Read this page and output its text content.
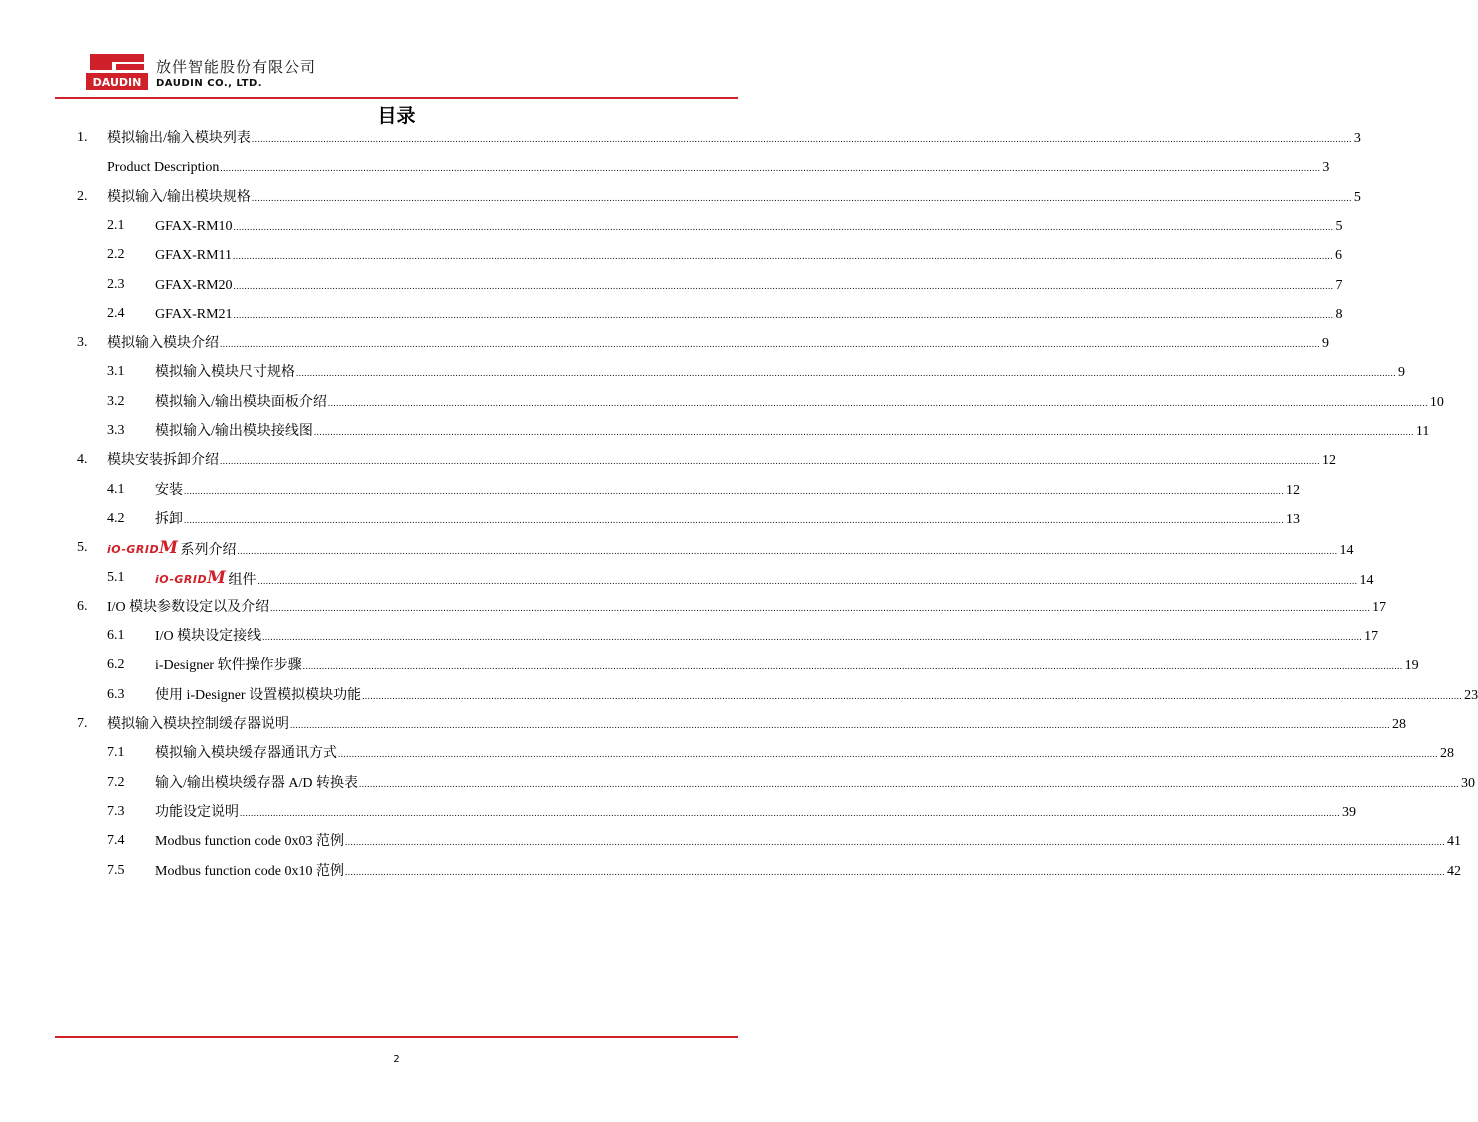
DAUDIN
放伴智能股份有限公司
DAUDIN CO., LTD.
目录
1. 模拟输出/输入模块列表 ................................................................................................................................................................................................................................................................................................................................................................................................................ 3
Product Description ................................................................................................................................................................................................................................................................................................................................................................................................................ 3
2. 模拟输入/输出模块规格 ................................................................................................................................................................................................................................................................................................................................................................................................................ 5
2.1 GFAX-RM10 ................................................................................................................................................................................................................................................................................................................................................................................................................ 5
2.2 GFAX-RM11 ................................................................................................................................................................................................................................................................................................................................................................................................................ 6
2.3 GFAX-RM20 ................................................................................................................................................................................................................................................................................................................................................................................................................ 7
2.4 GFAX-RM21 ................................................................................................................................................................................................................................................................................................................................................................................................................ 8
3. 模拟输入模块介绍 ................................................................................................................................................................................................................................................................................................................................................................................................................ 9
3.1 模拟输入模块尺寸规格 ................................................................................................................................................................................................................................................................................................................................................................................................................ 9
3.2 模拟输入/输出模块面板介绍 ................................................................................................................................................................................................................................................................................................................................................................................................................ 10
3.3 模拟输入/输出模块接线图 ................................................................................................................................................................................................................................................................................................................................................................................................................ 11
4. 模块安装拆卸介绍 ................................................................................................................................................................................................................................................................................................................................................................................................................ 12
4.1 安装 ................................................................................................................................................................................................................................................................................................................................................................................................................ 12
4.2 拆卸 ................................................................................................................................................................................................................................................................................................................................................................................................................ 13
5. iO-GRIDM 系列介绍 ................................................................................................................................................................................................................................................................................................................................................................................................................ 14
5.1	iO-GRIDM 组件 ................................................................................................................................................................................................................................................................................................................................................................................................................ 14
6. I/O 模块参数设定以及介绍 ................................................................................................................................................................................................................................................................................................................................................................................................................ 17
6.1 I/O 模块设定接线 ................................................................................................................................................................................................................................................................................................................................................................................................................ 17
6.2 i-Designer 软件操作步骤 ................................................................................................................................................................................................................................................................................................................................................................................................................ 19
6.3 使用 i-Designer 设置模拟模块功能 ................................................................................................................................................................................................................................................................................................................................................................................................................ 23
7. 模拟输入模块控制缓存器说明 ................................................................................................................................................................................................................................................................................................................................................................................................................ 28
7.1 模拟输入模块缓存器通讯方式 ................................................................................................................................................................................................................................................................................................................................................................................................................ 28
7.2 输入/输出模块缓存器 A/D 转换表 ................................................................................................................................................................................................................................................................................................................................................................................................................ 30
7.3 功能设定说明 ................................................................................................................................................................................................................................................................................................................................................................................................................ 39
7.4 Modbus function code 0x03 范例 ................................................................................................................................................................................................................................................................................................................................................................................................................ 41
7.5 Modbus function code 0x10 范例 ................................................................................................................................................................................................................................................................................................................................................................................................................ 42
2
